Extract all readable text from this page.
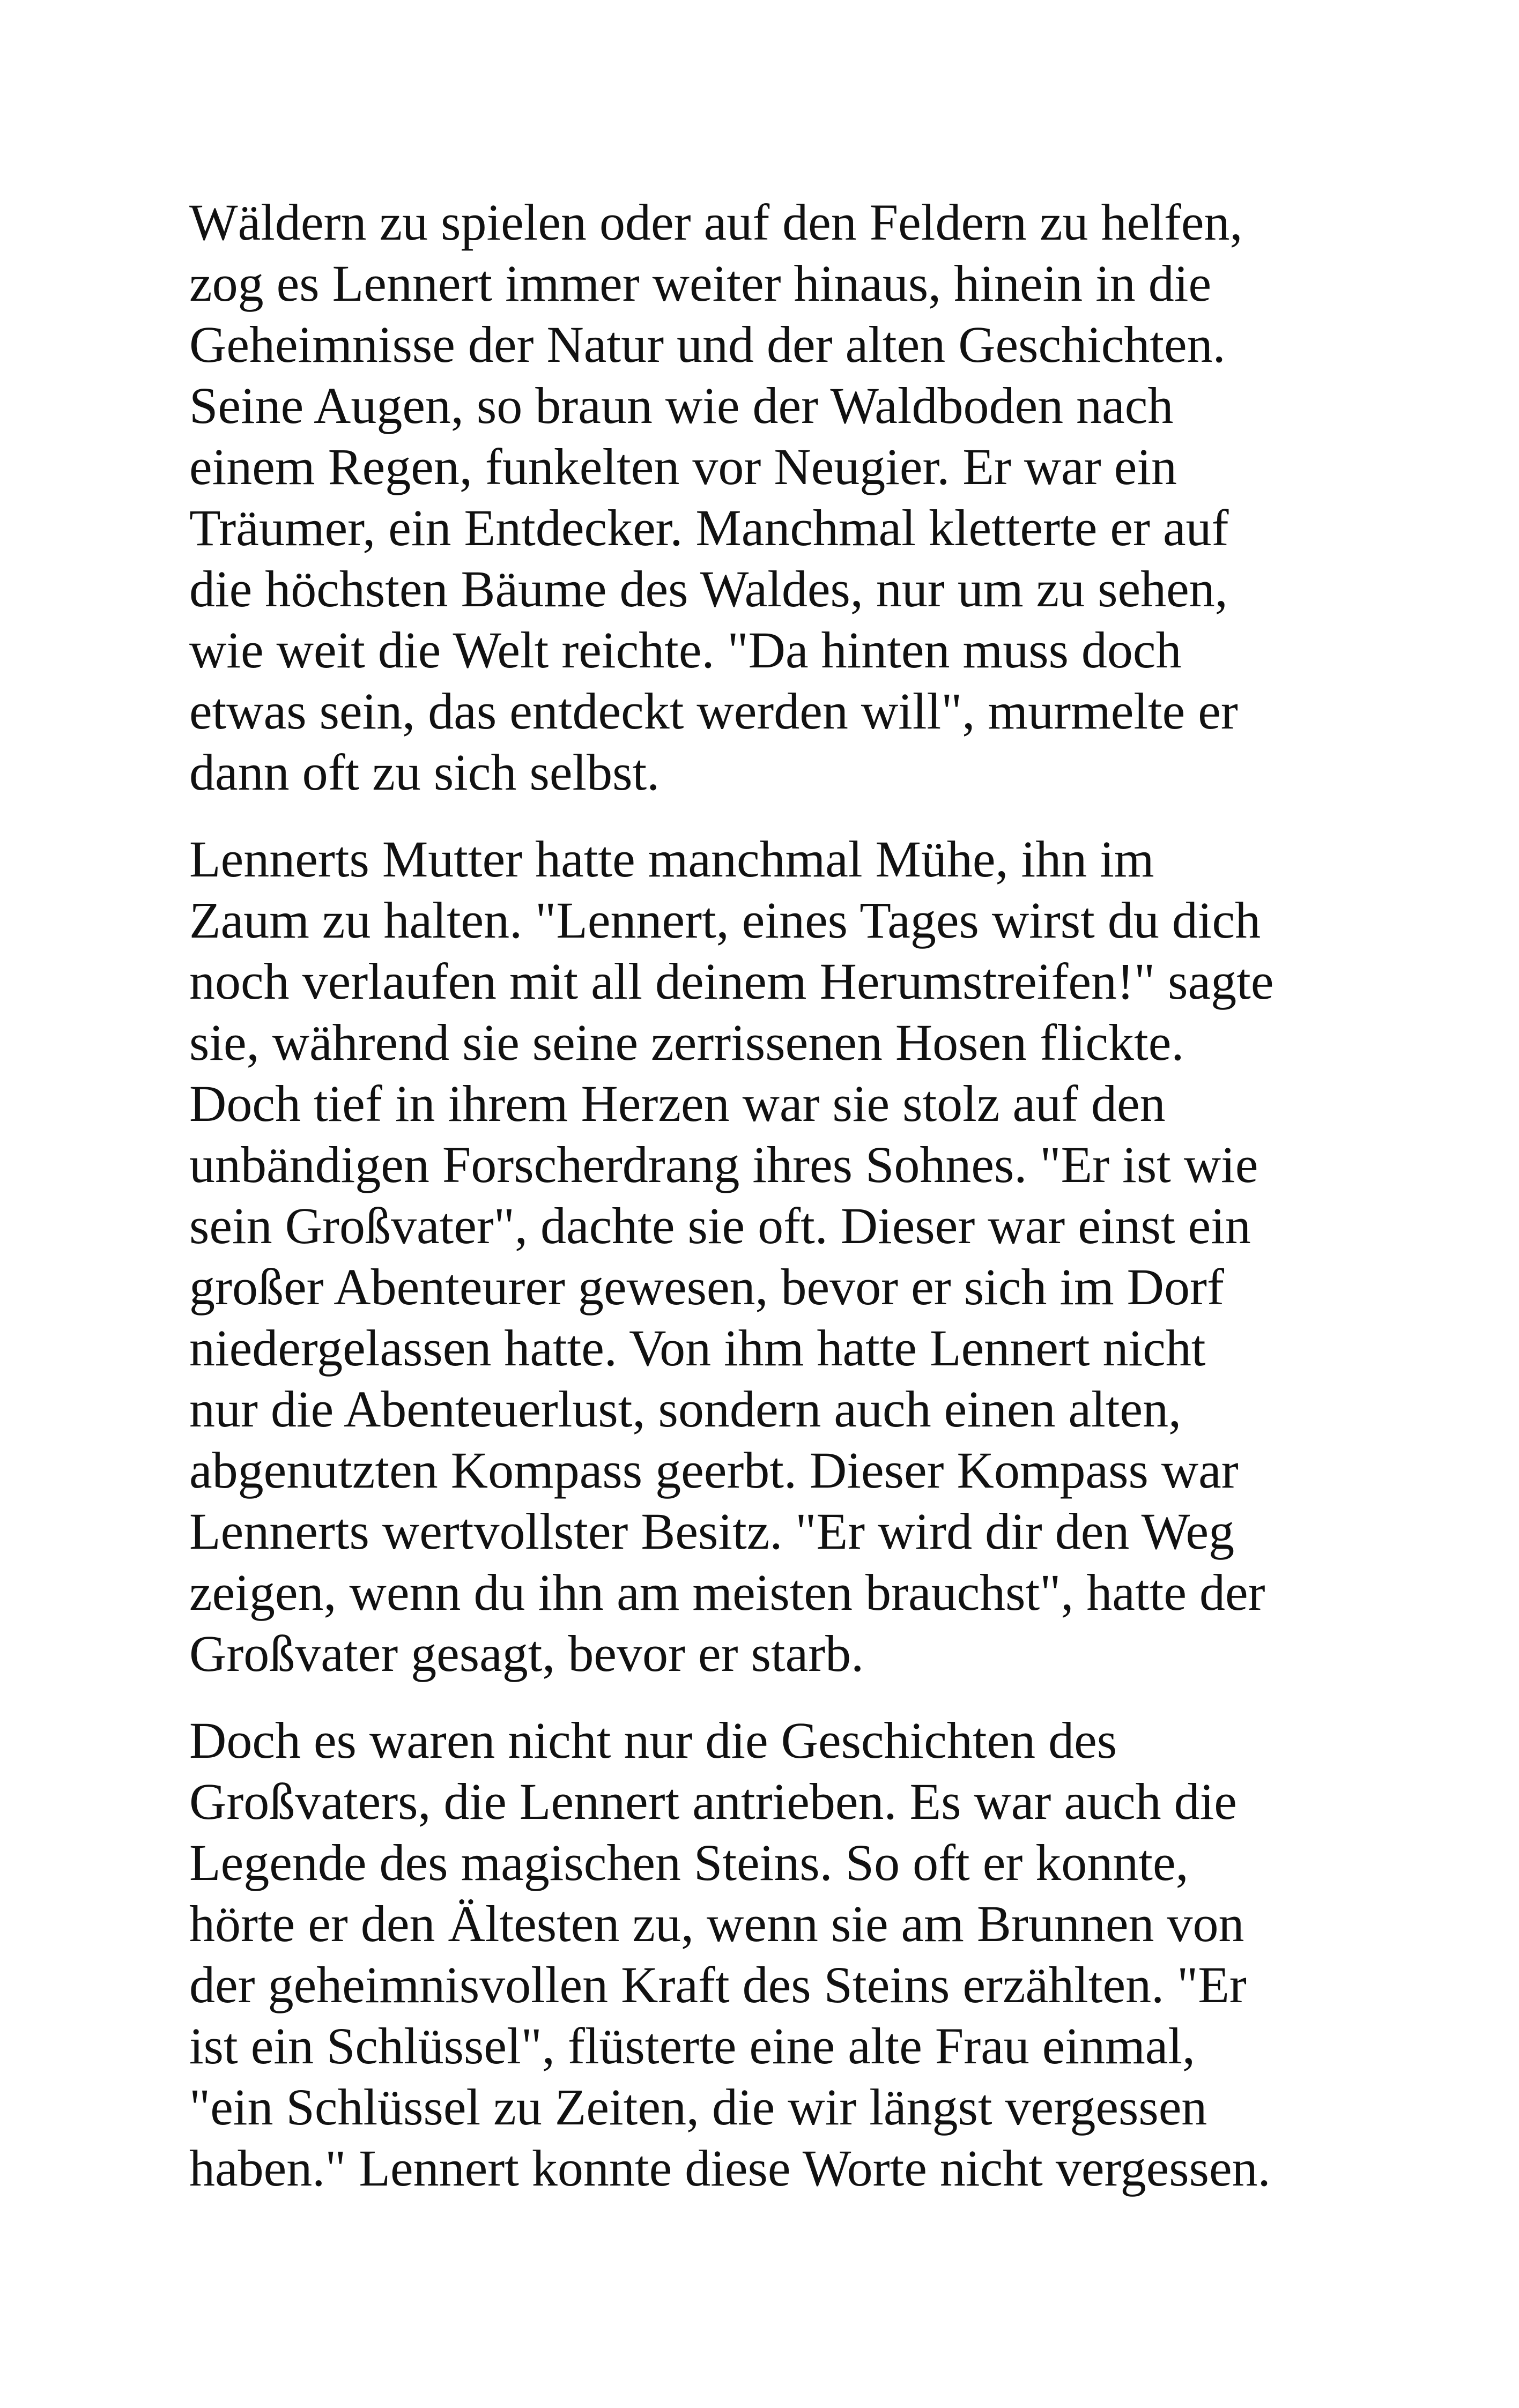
Wäldern zu spielen oder auf den Feldern zu helfen,
zog es Lennert immer weiter hinaus, hinein in die
Geheimnisse der Natur und der alten Geschichten.
Seine Augen, so braun wie der Waldboden nach
einem Regen, funkelten vor Neugier. Er war ein
Träumer, ein Entdecker. Manchmal kletterte er auf
die höchsten Bäume des Waldes, nur um zu sehen,
wie weit die Welt reichte. "Da hinten muss doch
etwas sein, das entdeckt werden will", murmelte er
dann oft zu sich selbst.

Lennerts Mutter hatte manchmal Mühe, ihn im
Zaum zu halten. "Lennert, eines Tages wirst du dich
noch verlaufen mit all deinem Herumstreifen!" sagte
sie, während sie seine zerrissenen Hosen flickte.
Doch tief in ihrem Herzen war sie stolz auf den
unbändigen Forscherdrang ihres Sohnes. "Er ist wie
sein Großvater", dachte sie oft. Dieser war einst ein
großer Abenteurer gewesen, bevor er sich im Dorf
niedergelassen hatte. Von ihm hatte Lennert nicht
nur die Abenteuerlust, sondern auch einen alten,
abgenutzten Kompass geerbt. Dieser Kompass war
Lennerts wertvollster Besitz. "Er wird dir den Weg
zeigen, wenn du ihn am meisten brauchst", hatte der
Großvater gesagt, bevor er starb.

Doch es waren nicht nur die Geschichten des
Großvaters, die Lennert antrieben. Es war auch die
Legende des magischen Steins. So oft er konnte,
hörte er den Ältesten zu, wenn sie am Brunnen von
der geheimnisvollen Kraft des Steins erzählten. "Er
ist ein Schlüssel", flüsterte eine alte Frau einmal,
"ein Schlüssel zu Zeiten, die wir längst vergessen
haben." Lennert konnte diese Worte nicht vergessen.
